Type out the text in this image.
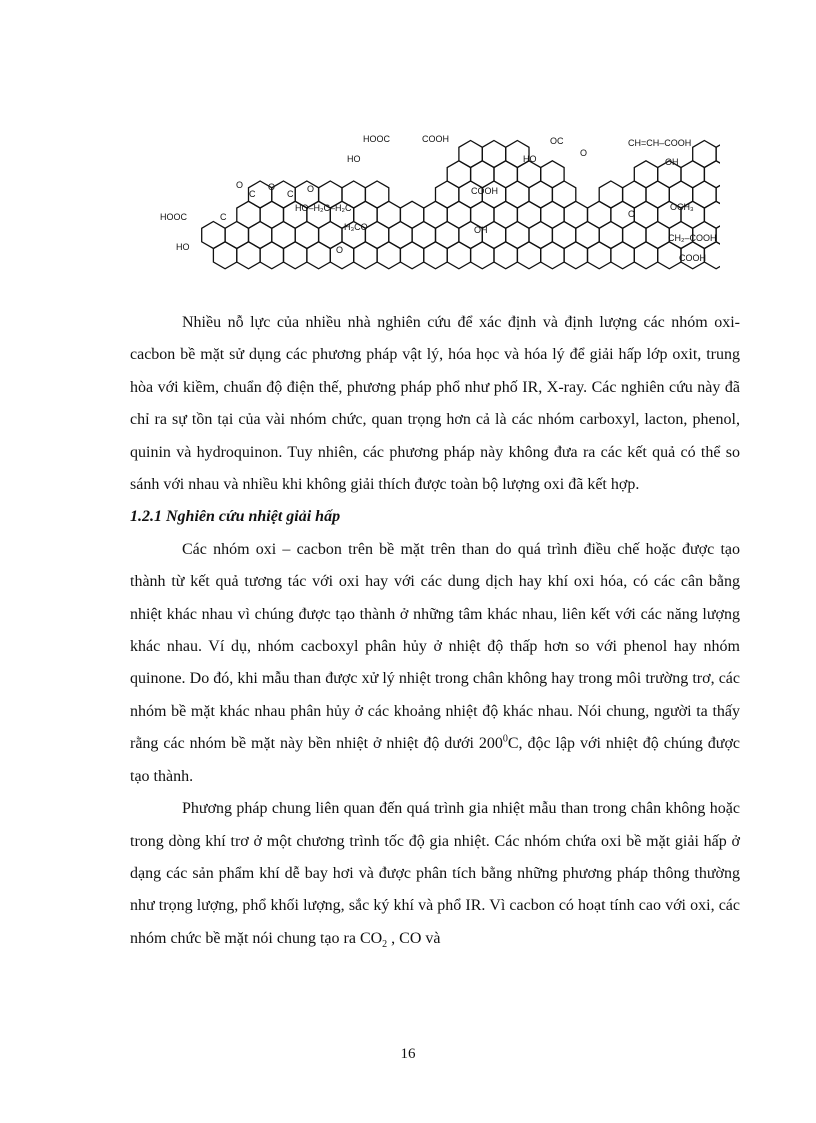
HOOC	COOH
HO
OC
O
CH=CH–COOH
OH
HO
COOH
O
C
O
C O
HO–H₂C–H₂C
HOOC	C
H₃CO	OH
O
OCH₃
HO
CH₂–COOH
COOH
O

Nhiều nỗ lực của nhiều nhà nghiên cứu để xác định và định lượng các nhóm oxi- cacbon bề mặt sử dụng các phương pháp vật lý, hóa học và hóa lý để giải hấp lớp oxit, trung hòa với kiềm, chuẩn độ điện thế, phương pháp phổ như phố IR, X-ray. Các nghiên cứu này đã chỉ ra sự tồn tại của vài nhóm chức, quan trọng hơn cả là các nhóm carboxyl, lacton, phenol, quinin và hydroquinon. Tuy nhiên, các phương pháp này không đưa ra các kết quả có thể so sánh với nhau và nhiều khi không giải thích được toàn bộ lượng oxi đã kết hợp.

1.2.1 Nghiên cứu nhiệt giải hấp

Các nhóm oxi – cacbon trên bề mặt trên than do quá trình điều chế hoặc được tạo thành từ kết quả tương tác với oxi hay với các dung dịch hay khí oxi hóa, có các cân bằng nhiệt khác nhau vì chúng được tạo thành ở những tâm khác nhau, liên kết với các năng lượng khác nhau. Ví dụ, nhóm cacboxyl phân hủy ở nhiệt độ thấp hơn so với phenol hay nhóm quinone. Do đó, khi mẫu than được xử lý nhiệt trong chân không hay trong môi trường trơ, các nhóm bề mặt khác nhau phân hủy ở các khoảng nhiệt độ khác nhau. Nói chung, người ta thấy rằng các nhóm bề mặt này bền nhiệt ở nhiệt độ dưới $200^0C$, độc lập với nhiệt độ chúng được tạo thành.

Phương pháp chung liên quan đến quá trình gia nhiệt mẫu than trong chân không hoặc trong dòng khí trơ ở một chương trình tốc độ gia nhiệt. Các nhóm chứa oxi bề mặt giải hấp ở dạng các sản phẩm khí dễ bay hơi và được phân tích bằng những phương pháp thông thường như trọng lượng, phổ khối lượng, sắc ký khí và phổ IR. Vì cacbon có hoạt tính cao với oxi, các nhóm chức bề mặt nói chung tạo ra $CO_2$ , CO và

16
